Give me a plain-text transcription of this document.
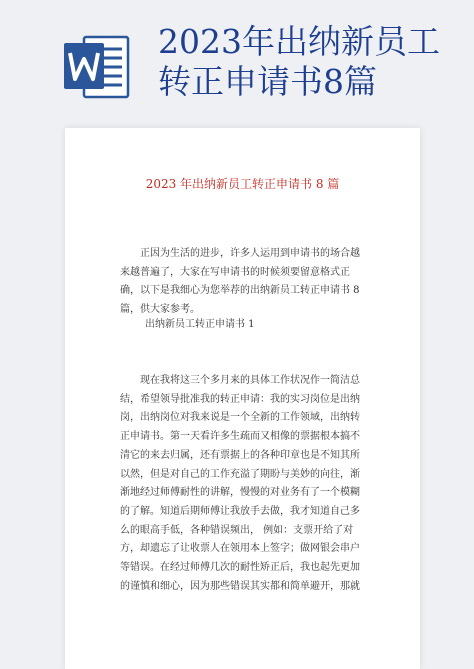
2023年出纳新员工转正申请书8篇
2023 年出纳新员工转正申请书 8 篇

正因为生活的进步，许多人运用到申请书的场合越来越普遍了，大家在写申请书的时候须要留意格式正确，以下是我细心为您举荐的出纳新员工转正申请书 8 篇，供大家参考。

出纳新员工转正申请书 1

现在我将这三个多月来的具体工作状况作一简洁总结，希望领导批准我的转正申请：我的实习岗位是出纳岗，出纳岗位对我来说是一个全新的工作领域，出纳转正申请书。第一天看许多生疏而又相像的票据根本搞不清它的来去归属，还有票据上的各种印章也是不知其所以然，但是对自己的工作充溢了期盼与美妙的向往，渐渐地经过师傅耐性的讲解，慢慢的对业务有了一个模糊的了解。知道后期师傅让我放手去做，我才知道自己多么的眼高手低，各种错误频出， 例如：支票开给了对方，却遗忘了让收票人在领用本上签字；做网银会串户等错误。在经过师傅几次的耐性矫正后，我也起先更加的谨慎和细心，因为那些错误其实都和简单避开，那就
